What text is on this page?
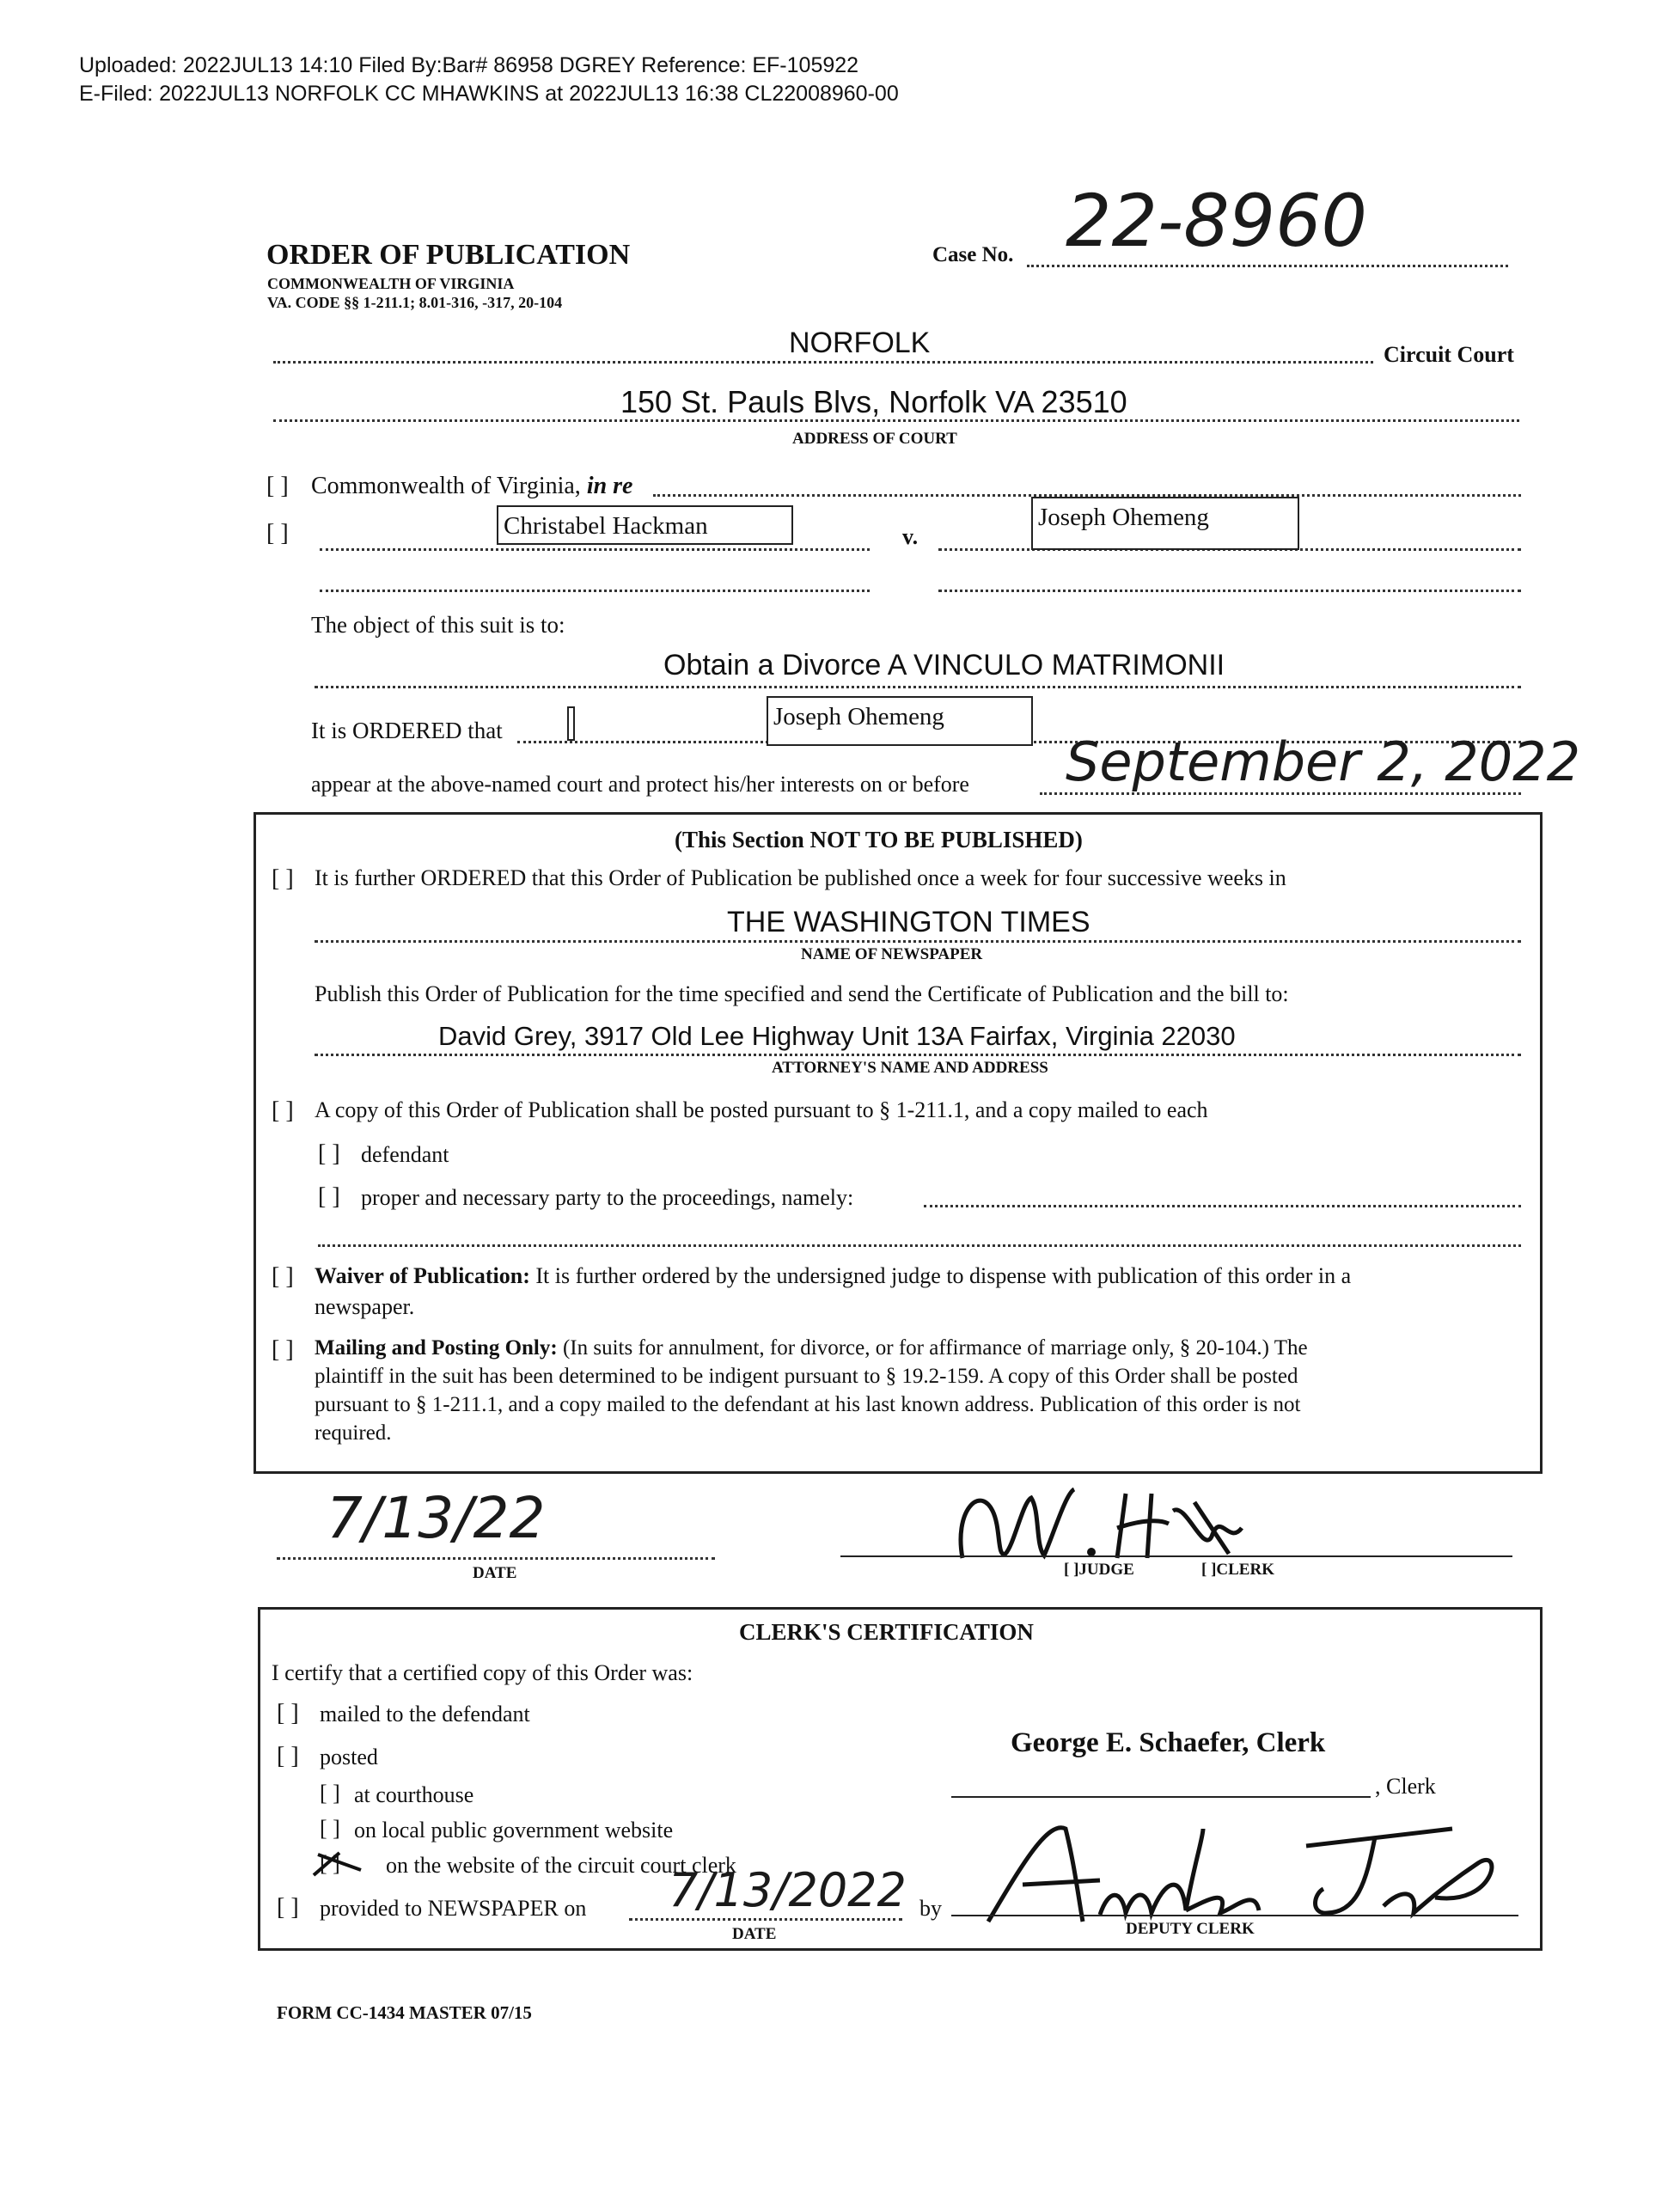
Uploaded: 2022JUL13 14:10 Filed By:Bar# 86958 DGREY Reference: EF-105922
E-Filed: 2022JUL13 NORFOLK CC MHAWKINS at 2022JUL13 16:38 CL22008960-00
ORDER OF PUBLICATION
COMMONWEALTH OF VIRGINIA
VA. CODE §§ 1-211.1; 8.01-316, -317, 20-104
Case No. 22-8960
NORFOLK	Circuit Court
150 St. Pauls Blvs, Norfolk VA 23510
ADDRESS OF COURT
[ ] Commonwealth of Virginia, in re
[ ]	Christabel Hackman	v.
Joseph Ohemeng
The object of this suit is to:
Obtain a Divorce A VINCULO MATRIMONII
It is ORDERED that	Joseph Ohemeng
appear at the above-named court and protect his/her interests on or before September 2, 2022
(This Section NOT TO BE PUBLISHED)
[ ] It is further ORDERED that this Order of Publication be published once a week for four successive weeks in
THE WASHINGTON TIMES
NAME OF NEWSPAPER
Publish this Order of Publication for the time specified and send the Certificate of Publication and the bill to:
David Grey, 3917 Old Lee Highway Unit 13A Fairfax, Virginia 22030
ATTORNEY'S NAME AND ADDRESS
[ ] A copy of this Order of Publication shall be posted pursuant to § 1-211.1, and a copy mailed to each
[ ] defendant
[ ] proper and necessary party to the proceedings, namely:
[ ] Waiver of Publication: It is further ordered by the undersigned judge to dispense with publication of this order in a
newspaper.
[ ] Mailing and Posting Only: (In suits for annulment, for divorce, or for affirmance of marriage only, § 20-104.) The
plaintiff in the suit has been determined to be indigent pursuant to § 19.2-159. A copy of this Order shall be posted
pursuant to § 1-211.1, and a copy mailed to the defendant at his last known address. Publication of this order is not
required.
7/13/22
DATE	[ ]JUDGE	[ ]CLERK
CLERK'S CERTIFICATION
I certify that a certified copy of this Order was:
[ ] mailed to the defendant
[ ] posted
[ ] at courthouse
[ ] on local public government website
[ ] on the website of the circuit court clerk
[ ] provided to NEWSPAPER on 7/13/2022 by
DATE
George E. Schaefer, Clerk
, Clerk
DEPUTY CLERK
FORM CC-1434 MASTER 07/15
